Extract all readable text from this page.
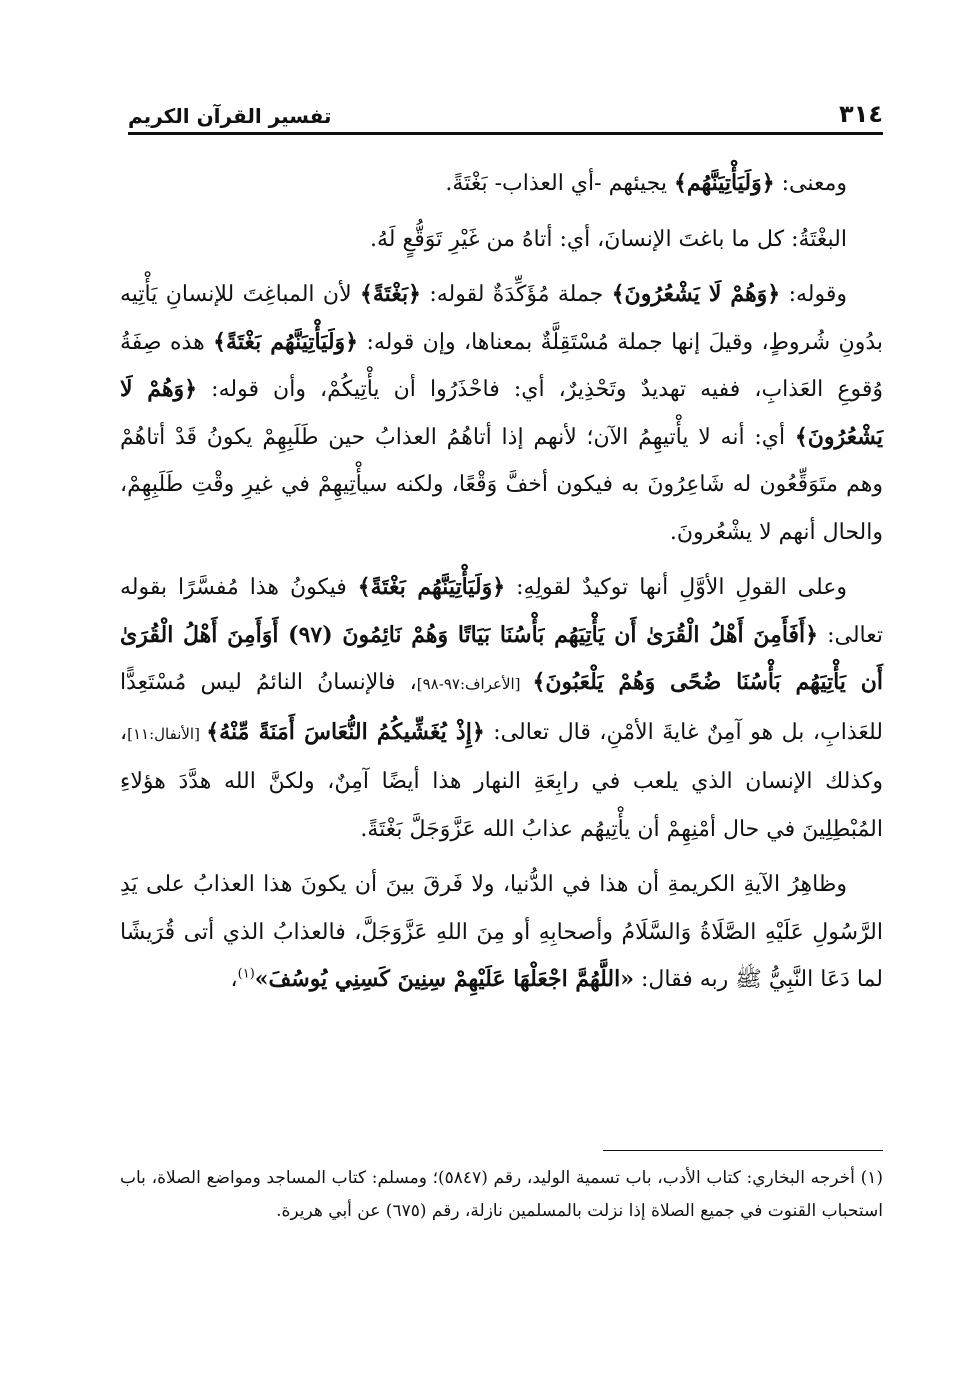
٣١٤
تفسير القرآن الكريم

ومعنى: ﴿وَلَيَأْتِيَنَّهُم﴾ يجيئهم -أي العذاب- بَغْتَةً.

البغْتَةُ: كل ما باغتَ الإنسانَ، أي: أتاهُ من غَيْرِ تَوَقُّعٍ لَهُ.

وقوله: ﴿وَهُمْ لَا يَشْعُرُونَ﴾ جملة مُؤَكِّدَةٌ لقوله: ﴿بَغْتَةً﴾ لأن المباغِتَ للإنسانِ يَأْتِيه بدُونِ شُروطٍ، وقيلَ إنها جملة مُسْتَقِلَّةٌ بمعناها، وإن قوله: ﴿وَلَيَأْتِيَنَّهُم بَغْتَةً﴾ هذه صِفَةُ وُقوعِ العَذابِ، ففيه تهديدٌ وتَحْذِيرٌ، أي: فاحْذَرُوا أن يأْتِيكُمْ، وأن قوله: ﴿وَهُمْ لَا يَشْعُرُونَ﴾ أي: أنه لا يأْتيهِمُ الآن؛ لأنهم إذا أتاهُمُ العذابُ حين طَلَبِهِمْ يكونُ قَدْ أتاهُمْ وهم متَوَقِّعُون له شَاعِرُونَ به فيكون أخفَّ وَقْعًا، ولكنه سيأْتِيهِمْ في غيرِ وقْتِ طَلَبِهِمْ، والحال أنهم لا يشْعُرونَ.

وعلى القولِ الأوَّلِ أنها توكيدٌ لقولِهِ: ﴿وَلَيَأْتِيَنَّهُم بَغْتَةً﴾ فيكونُ هذا مُفسَّرًا بقوله تعالى: ﴿أَفَأَمِنَ أَهْلُ الْقُرَىٰ أَن يَأْتِيَهُم بَأْسُنَا بَيَاتًا وَهُمْ نَائِمُونَ (٩٧) أَوَأَمِنَ أَهْلُ الْقُرَىٰ أَن يَأْتِيَهُم بَأْسُنَا ضُحًى وَهُمْ يَلْعَبُونَ﴾ [الأعراف:٩٧-٩٨]، فالإنسانُ النائمُ ليس مُسْتَعِدًّا للعَذابِ، بل هو آمِنٌ غايةَ الأمْنِ، قال تعالى: ﴿إِذْ يُغَشِّيكُمُ النُّعَاسَ أَمَنَةً مِّنْهُ﴾ [الأنفال:١١]، وكذلك الإنسان الذي يلعب في رابِعَةِ النهار هذا أيضًا آمِنٌ، ولكنَّ الله هدَّدَ هؤلاءِ المُبْطِلِينَ في حال أمْنِهِمْ أن يأْتِيهُم عذابُ الله عَزَّوَجَلَّ بَغْتَةً.

وظاهِرُ الآيةِ الكريمةِ أن هذا في الدُّنيا، ولا فَرقَ بينَ أن يكونَ هذا العذابُ على يَدِ الرَّسُولِ عَلَيْهِ الصَّلَاةُ وَالسَّلَامُ وأصحابِهِ أو مِنَ اللهِ عَزَّوَجَلَّ، فالعذابُ الذي أتى قُرَيشًا لما دَعَا النَّبِيُّ ﷺ ربه فقال: «اللَّهُمَّ اجْعَلْهَا عَلَيْهِمْ سِنِينَ كَسِنِي يُوسُفَ»$^{(١)}$،

(١) أخرجه البخاري: كتاب الأدب، باب تسمية الوليد، رقم (٥٨٤٧)؛ ومسلم: كتاب المساجد ومواضع الصلاة، باب استحباب القنوت في جميع الصلاة إذا نزلت بالمسلمين نازلة، رقم (٦٧٥) عن أبي هريرة.
